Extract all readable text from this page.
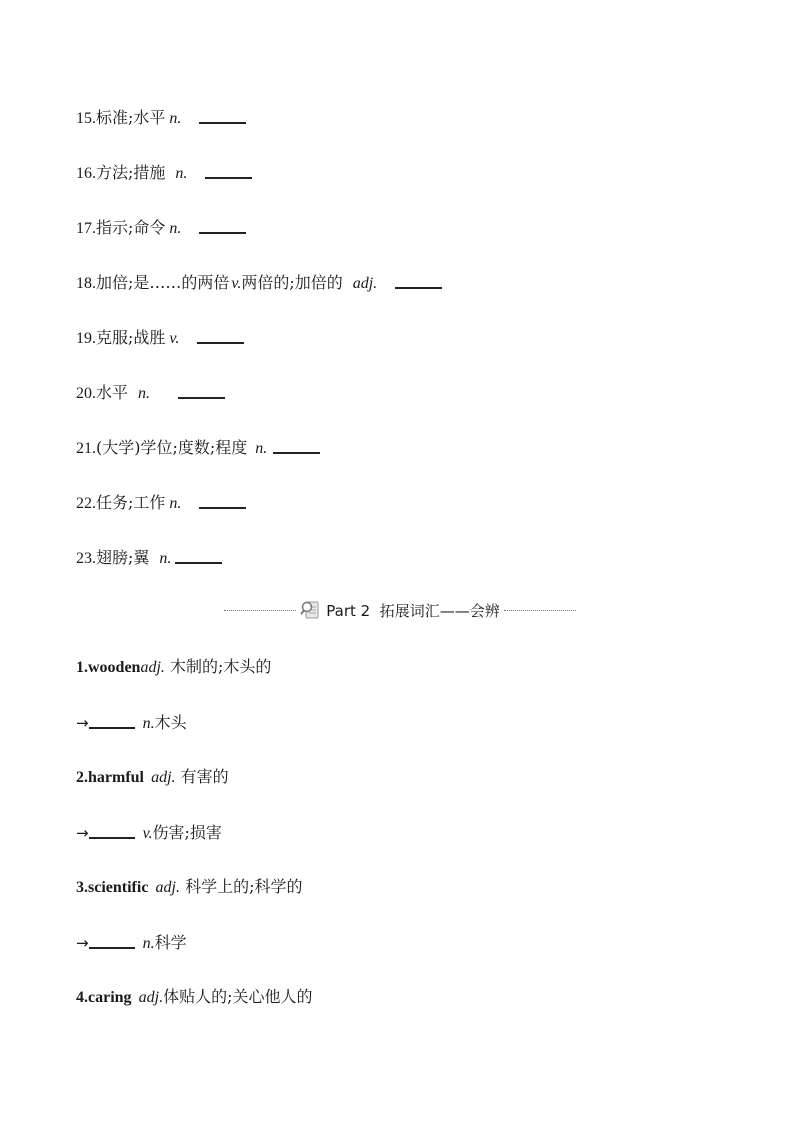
15.标准;水平 n.
16.方法;措施 n.
17.指示;命令 n.
18.加倍;是……的两倍 v.两倍的;加倍的 adj.
19.克服;战胜 v.
20.水平 n.
21.(大学)学位;度数;程度 n.
22.任务;工作 n.
23.翅膀;翼 n.
Part 2  拓展词汇——会辨
1.woodenadj. 木制的;木头的
→	n.木头
2.harmful adj. 有害的
→	v.伤害;损害
3.scientific adj. 科学上的;科学的
→	n.科学
4.caring adj.体贴人的;关心他人的
